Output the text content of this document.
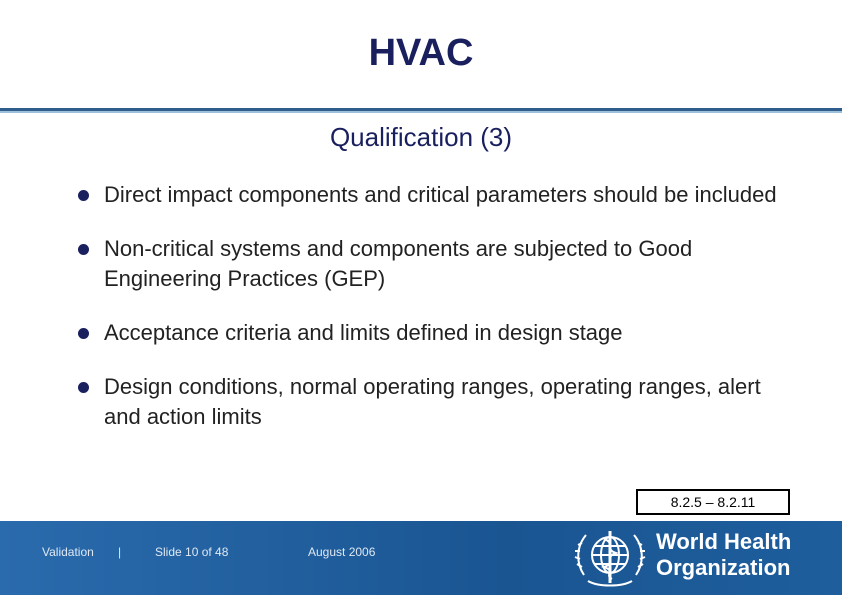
HVAC
Qualification (3)
Direct impact components and critical parameters should be included
Non-critical systems and components are subjected to Good Engineering Practices (GEP)
Acceptance criteria and limits defined in design stage
Design conditions, normal operating ranges, operating ranges, alert and action limits
8.2.5 – 8.2.11
Validation |	Slide 10 of 48	August 2006	World Health
Organization
